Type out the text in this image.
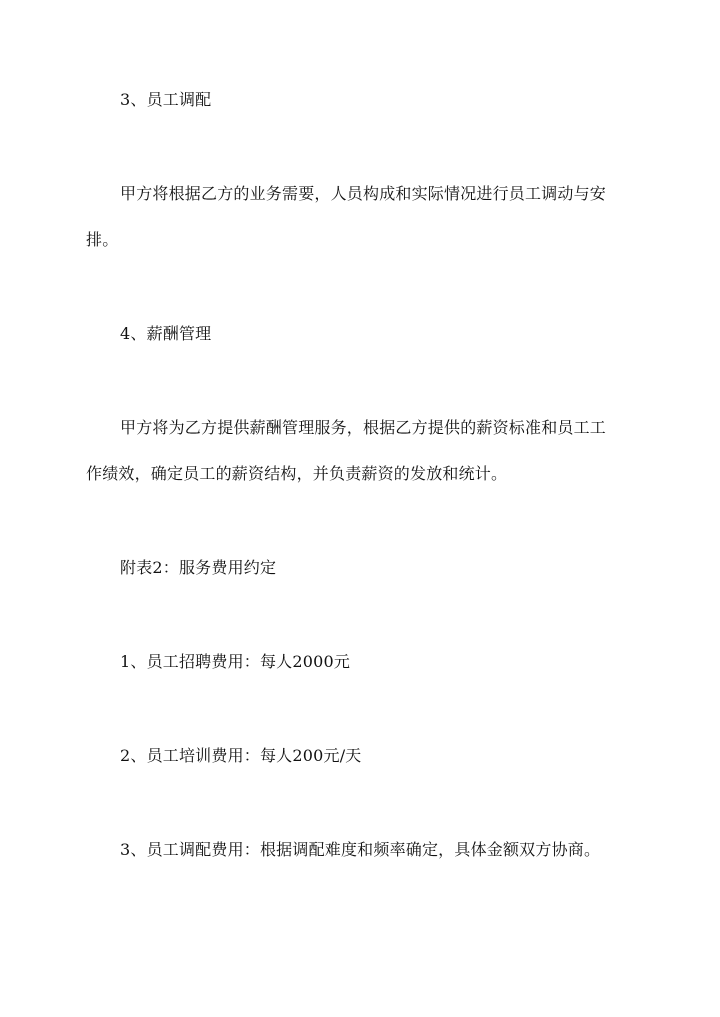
3、员工调配
甲方将根据乙方的业务需要，人员构成和实际情况进行员工调动与安
排。
4、薪酬管理
甲方将为乙方提供薪酬管理服务，根据乙方提供的薪资标准和员工工
作绩效，确定员工的薪资结构，并负责薪资的发放和统计。
附表2：服务费用约定
1、员工招聘费用：每人2000元
2、员工培训费用：每人200元/天
3、员工调配费用：根据调配难度和频率确定，具体金额双方协商。
